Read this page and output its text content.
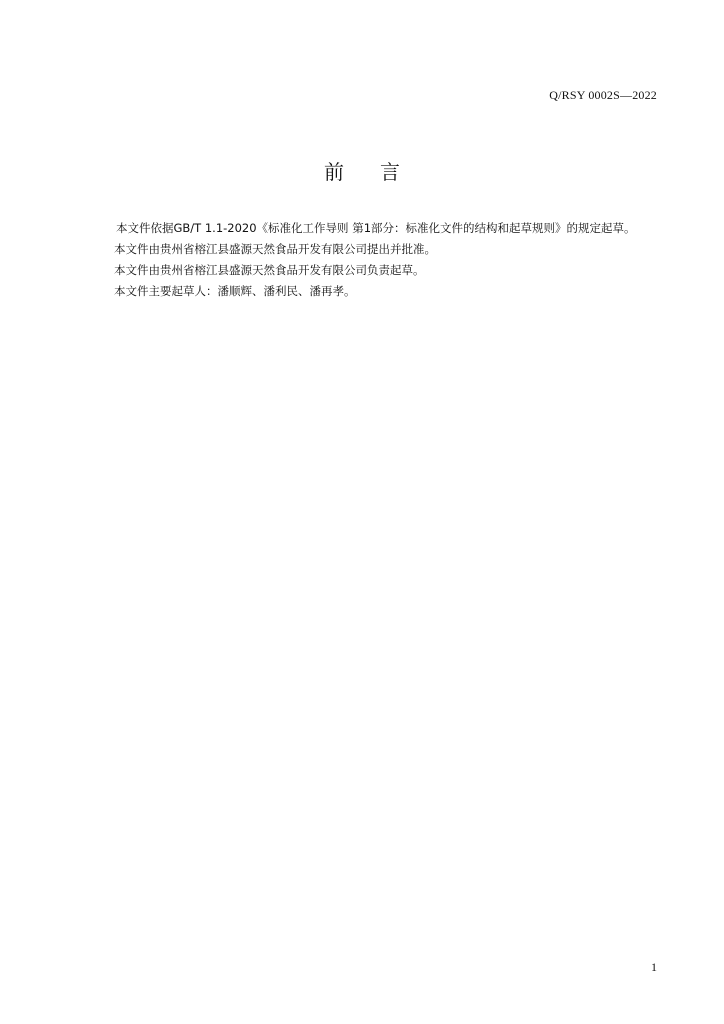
Q/RSY 0002S—2022
前 言

本文件依据GB/T 1.1-2020《标准化工作导则 第1部分：标准化文件的结构和起草规则》的规定起草。

本文件由贵州省榕江县盛源天然食品开发有限公司提出并批准。

本文件由贵州省榕江县盛源天然食品开发有限公司负责起草。

本文件主要起草人：潘顺辉、潘利民、潘再孝。

1
